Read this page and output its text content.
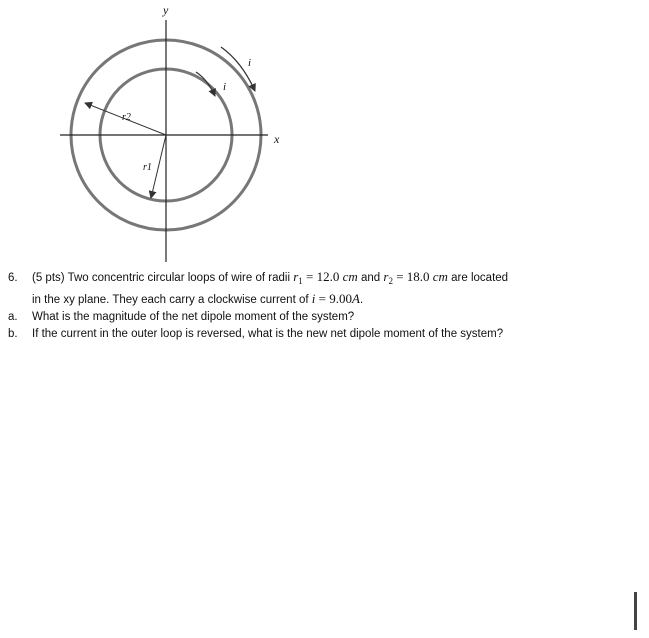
x
y
r2
r1
i
i
6. (5 pts) Two concentric circular loops of wire of radii $r_1 = 12.0$ cm and $r_2 = 18.0$ cm are located
in the xy plane. They each carry a clockwise current of i = 9.00A.
a.	What is the magnitude of the net dipole moment of the system?
b.	If the current in the outer loop is reversed, what is the new net dipole moment of the system?
